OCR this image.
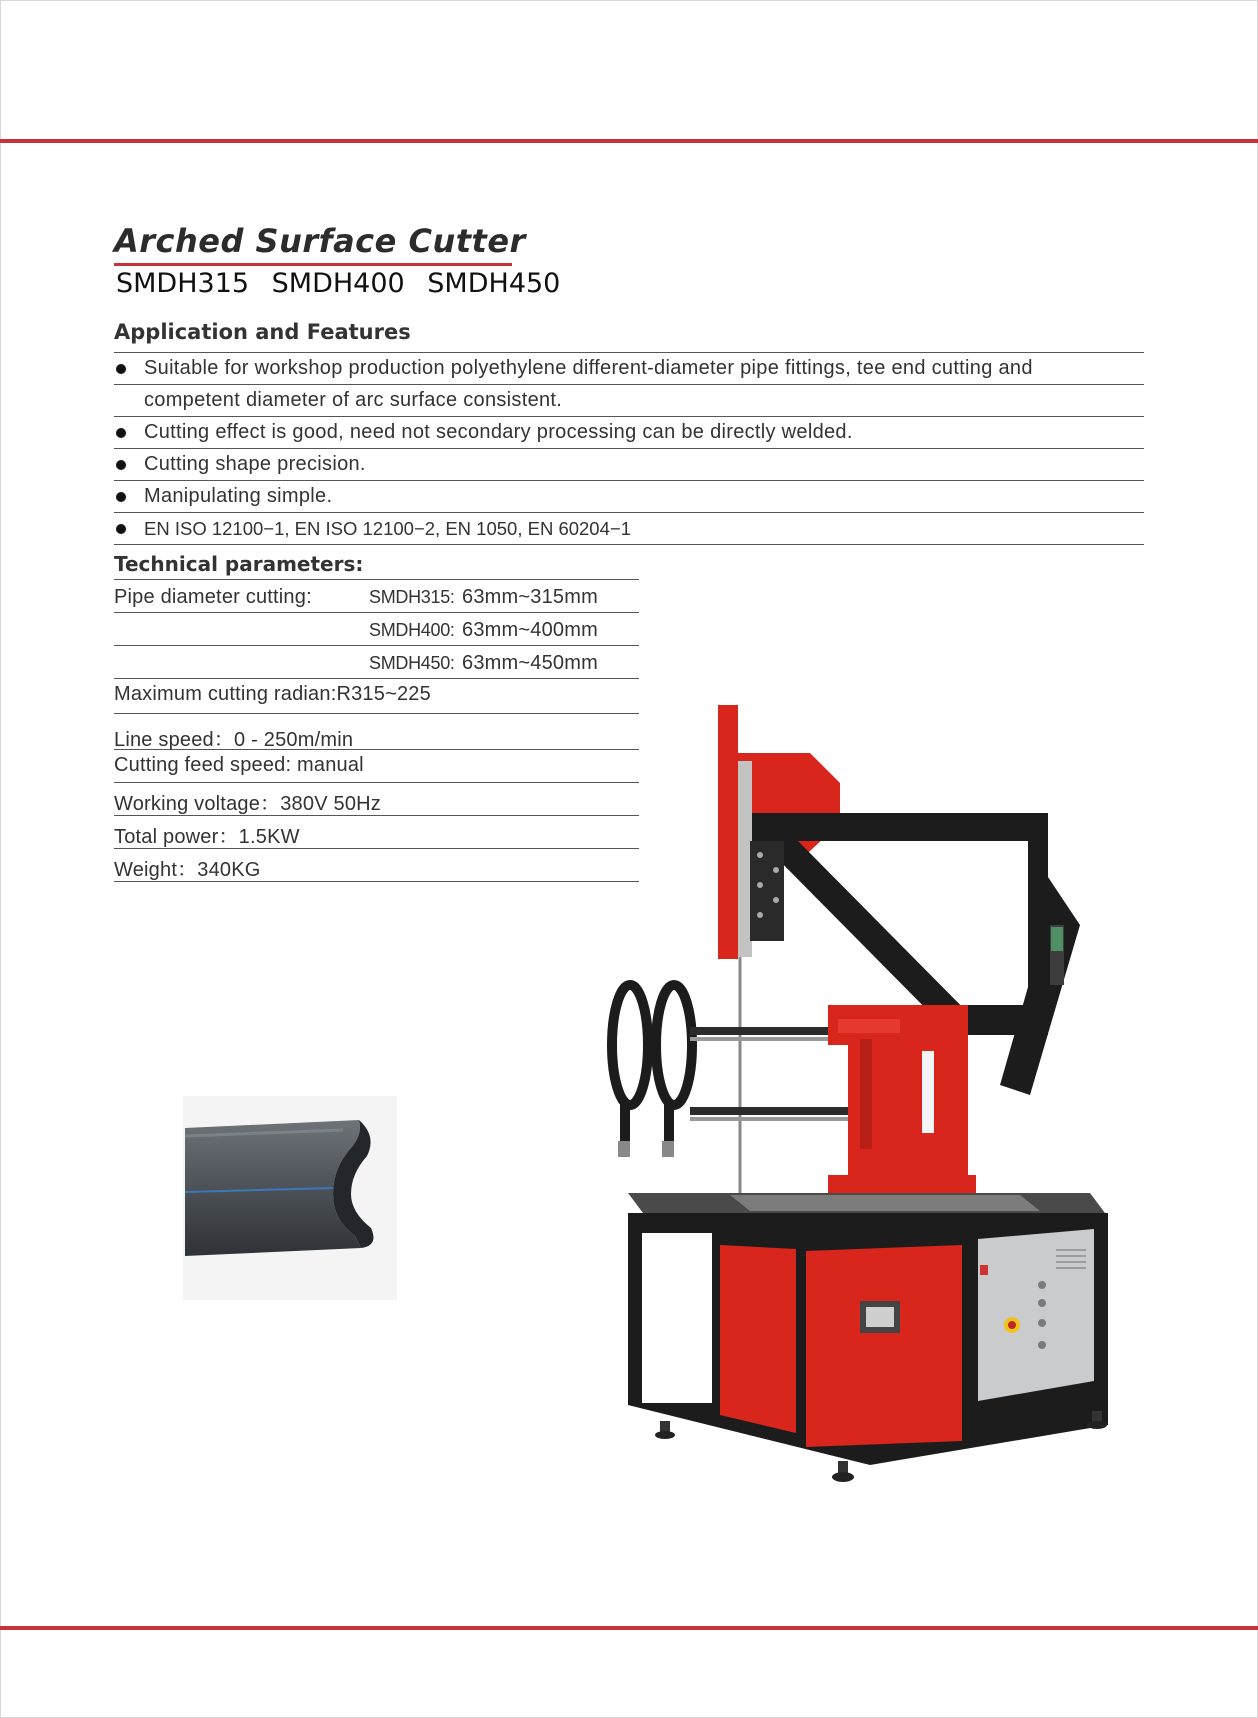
Arched Surface Cutter
SMDH315 SMDH400 SMDH450
Application and Features
Suitable for workshop production polyethylene different-diameter pipe fittings, tee end cutting and
competent diameter of arc surface consistent.
Cutting effect is good, need not secondary processing can be directly welded.
Cutting shape precision.
Manipulating simple.
EN ISO 12100−1, EN ISO 12100−2, EN 1050, EN 60204−1
Technical parameters:
Pipe diameter cutting:	SMDH315: 63mm~315mm
SMDH400: 63mm~400mm
SMDH450: 63mm~450mm
Maximum cutting radian:R315~225
Line speed：0 - 250m/min
Cutting feed speed: manual
Working voltage：380V 50Hz
Total power：1.5KW
Weight：340KG
